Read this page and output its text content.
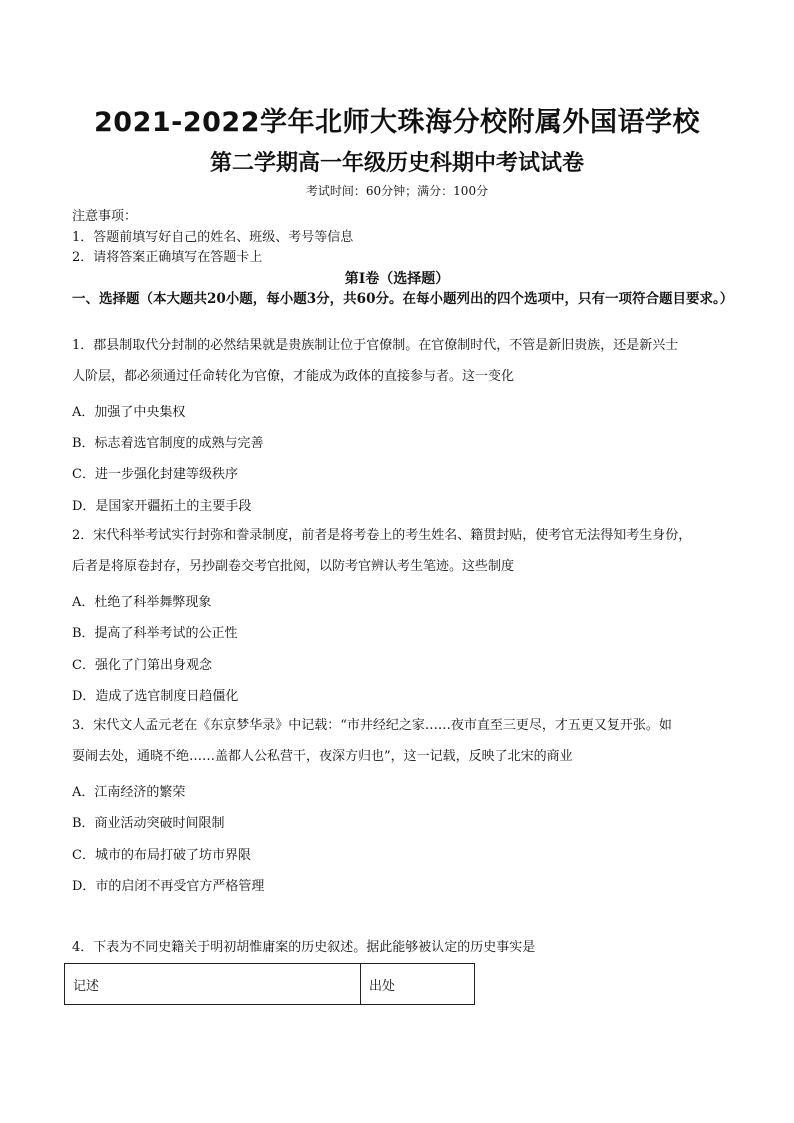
2021-2022学年北师大珠海分校附属外国语学校
第二学期高一年级历史科期中考试试卷
考试时间：60分钟；满分：100分
注意事项：
1．答题前填写好自己的姓名、班级、考号等信息
2．请将答案正确填写在答题卡上
第Ⅰ卷（选择题）
一、选择题（本大题共20小题，每小题3分，共60分。在每小题列出的四个选项中，只有一项符合题目要求。）
1．郡县制取代分封制的必然结果就是贵族制让位于官僚制。在官僚制时代，不管是新旧贵族，还是新兴士
人阶层，都必须通过任命转化为官僚，才能成为政体的直接参与者。这一变化
A．加强了中央集权
B．标志着选官制度的成熟与完善
C．进一步强化封建等级秩序
D．是国家开疆拓土的主要手段
2．宋代科举考试实行封弥和誊录制度，前者是将考卷上的考生姓名、籍贯封贴，使考官无法得知考生身份，
后者是将原卷封存，另抄副卷交考官批阅，以防考官辨认考生笔迹。这些制度
A．杜绝了科举舞弊现象
B．提高了科举考试的公正性
C．强化了门第出身观念
D．造成了选官制度日趋僵化
3．宋代文人孟元老在《东京梦华录》中记载：“市井经纪之家……夜市直至三更尽，才五更又复开张。如
耍闹去处，通晓不绝……盖都人公私营干，夜深方归也”，这一记载，反映了北宋的商业
A．江南经济的繁荣
B．商业活动突破时间限制
C．城市的布局打破了坊市界限
D．市的启闭不再受官方严格管理
4．下表为不同史籍关于明初胡惟庸案的历史叙述。据此能够被认定的历史事实是
记述	出处
